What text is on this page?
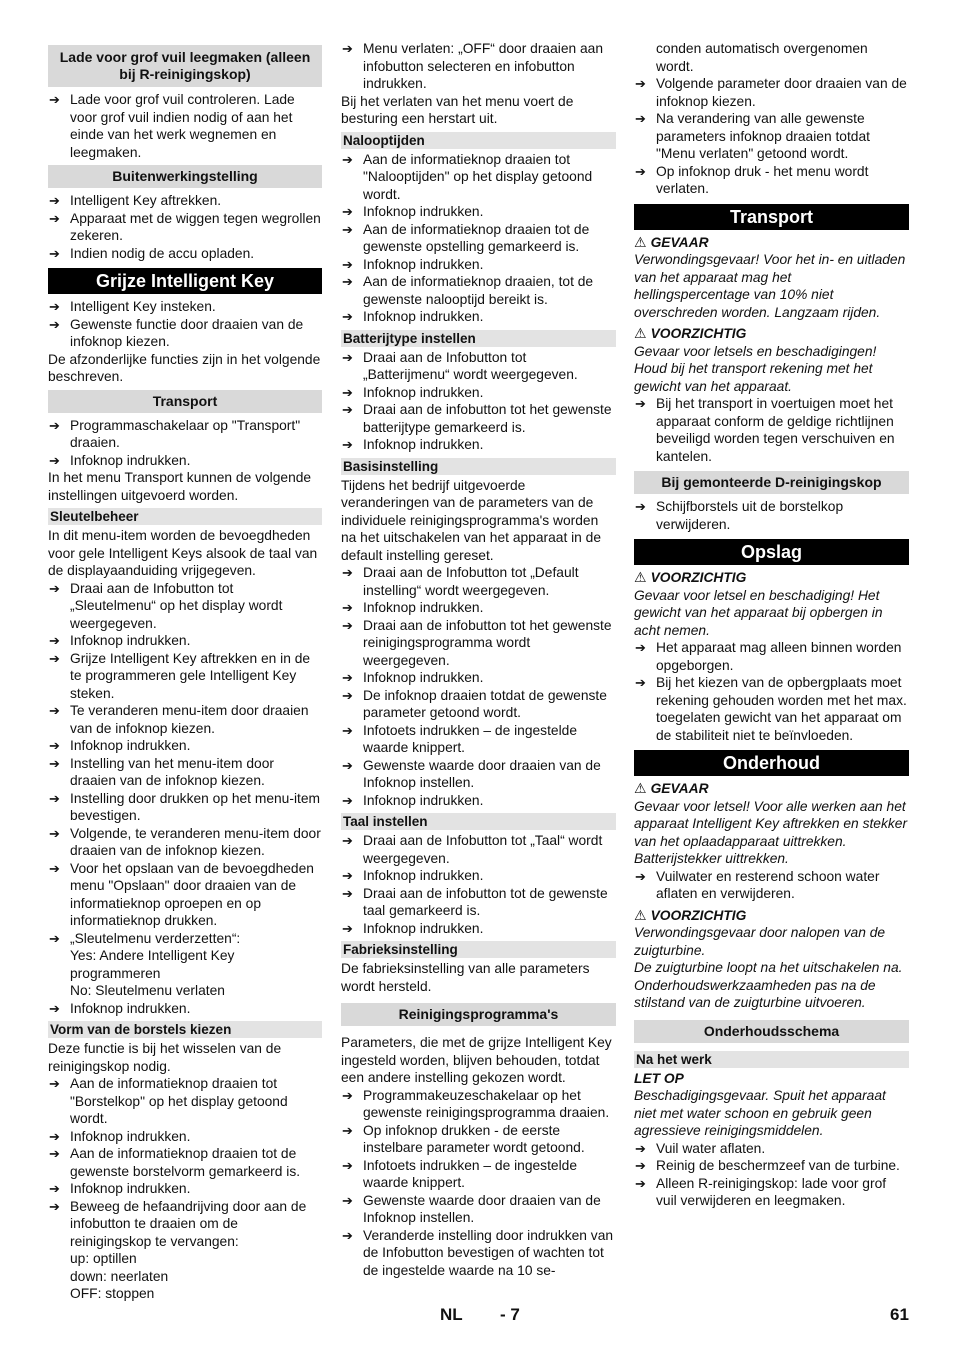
Lade voor grof vuil leegmaken (alleen bij R-reinigingskop)
➔ Lade voor grof vuil controleren. Lade voor grof vuil indien nodig of aan het einde van het werk wegnemen en leegmaken.
Buitenwerkingstelling
➔ Intelligent Key aftrekken.
➔ Apparaat met de wiggen tegen wegrollen zekeren.
➔ Indien nodig de accu opladen.
Grijze Intelligent Key
➔ Intelligent Key insteken.
➔ Gewenste functie door draaien van de infoknop kiezen.

De afzonderlijke functies zijn in het volgende beschreven.

Transport
➔ Programmaschakelaar op "Transport" draaien.
➔ Infoknop indrukken.

In het menu Transport kunnen de volgende instellingen uitgevoerd worden.

Sleutelbeheer

In dit menu-item worden de bevoegdheden voor gele Intelligent Keys alsook de taal van de displayaanduiding vrijgegeven.

➔ Draai aan de Infobutton tot „Sleutelmenu“ op het display wordt weergegeven.
➔ Infoknop indrukken.
➔ Grijze Intelligent Key aftrekken en in de te programmeren gele Intelligent Key steken.
➔ Te veranderen menu-item door draaien van de infoknop kiezen.
➔ Infoknop indrukken.
➔ Instelling van het menu-item door draaien van de infoknop kiezen.
➔ Instelling door drukken op het menu-item bevestigen.
➔ Volgende, te veranderen menu-item door draaien van de infoknop kiezen.
➔ Voor het opslaan van de bevoegdheden menu "Opslaan" door draaien van de informatieknop oproepen en op informatieknop drukken.
➔ „Sleutelmenu verderzetten“:
Yes: Andere Intelligent Key programmeren
No: Sleutelmenu verlaten
➔ Infoknop indrukken.
Vorm van de borstels kiezen

Deze functie is bij het wisselen van de reinigingskop nodig.

➔ Aan de informatieknop draaien tot "Borstelkop" op het display getoond wordt.
➔ Infoknop indrukken.
➔ Aan de informatieknop draaien tot de gewenste borstelvorm gemarkeerd is.
➔ Infoknop indrukken.
➔ Beweeg de hefaandrijving door aan de infobutton te draaien om de reinigingskop te vervangen:
up: optillen
down: neerlaten
OFF: stoppen
➔ Menu verlaten: „OFF“ door draaien aan infobutton selecteren en infobutton indrukken.

Bij het verlaten van het menu voert de besturing een herstart uit.

Nalooptijden
➔ Aan de informatieknop draaien tot "Nalooptijden" op het display getoond wordt.
➔ Infoknop indrukken.
➔ Aan de informatieknop draaien tot de gewenste opstelling gemarkeerd is.
➔ Infoknop indrukken.
➔ Aan de informatieknop draaien, tot de gewenste nalooptijd bereikt is.
➔ Infoknop indrukken.
Batterijtype instellen
➔ Draai aan de Infobutton tot „Batterijmenu“ wordt weergegeven.
➔ Infoknop indrukken.
➔ Draai aan de infobutton tot het gewenste batterijtype gemarkeerd is.
➔ Infoknop indrukken.
Basisinstelling

Tijdens het bedrijf uitgevoerde veranderingen van de parameters van de individuele reinigingsprogramma's worden na het uitschakelen van het apparaat in de default instelling gereset.

➔ Draai aan de Infobutton tot „Default instelling“ wordt weergegeven.
➔ Infoknop indrukken.
➔ Draai aan de infobutton tot het gewenste reinigingsprogramma wordt weergegeven.
➔ Infoknop indrukken.
➔ De infoknop draaien totdat de gewenste parameter getoond wordt.
➔ Infotoets indrukken – de ingestelde waarde knippert.
➔ Gewenste waarde door draaien van de Infoknop instellen.
➔ Infoknop indrukken.
Taal instellen
➔ Draai aan de Infobutton tot „Taal“ wordt weergegeven.
➔ Infoknop indrukken.
➔ Draai aan de infobutton tot de gewenste taal gemarkeerd is.
➔ Infoknop indrukken.
Fabrieksinstelling

De fabrieksinstelling van alle parameters wordt hersteld.

Reinigingsprogramma's

Parameters, die met de grijze Intelligent Key ingesteld worden, blijven behouden, totdat een andere instelling gekozen wordt.

➔ Programmakeuzeschakelaar op het gewenste reinigingsprogramma draaien.
➔ Op infoknop drukken - de eerste instelbare parameter wordt getoond.
➔ Infotoets indrukken – de ingestelde waarde knippert.
➔ Gewenste waarde door draaien van de Infoknop instellen.
➔ Veranderde instelling door indrukken van de Infobutton bevestigen of wachten tot de ingestelde waarde na 10 se-

conden automatisch overgenomen wordt.

➔ Volgende parameter door draaien van de infoknop kiezen.
➔ Na verandering van alle gewenste parameters infoknop draaien totdat "Menu verlaten" getoond wordt.
➔ Op infoknop druk - het menu wordt verlaten.
Transport
⚠ GEVAAR

Verwondingsgevaar! Voor het in- en uitladen van het apparaat mag het hellingspercentage van 10% niet overschreden worden. Langzaam rijden.

⚠ VOORZICHTIG

Gevaar voor letsels en beschadigingen! Houd bij het transport rekening met het gewicht van het apparaat.

➔ Bij het transport in voertuigen moet het apparaat conform de geldige richtlijnen beveiligd worden tegen verschuiven en kantelen.
Bij gemonteerde D-reinigingskop
➔ Schijfborstels uit de borstelkop verwijderen.
Opslag
⚠ VOORZICHTIG

Gevaar voor letsel en beschadiging! Het gewicht van het apparaat bij opbergen in acht nemen.

➔ Het apparaat mag alleen binnen worden opgeborgen.
➔ Bij het kiezen van de opbergplaats moet rekening gehouden worden met het max. toegelaten gewicht van het apparaat om de stabiliteit niet te beïnvloeden.
Onderhoud
⚠ GEVAAR

Gevaar voor letsel! Voor alle werken aan het apparaat Intelligent Key aftrekken en stekker van het oplaadapparaat uittrekken. Batterijstekker uittrekken.

➔ Vuilwater en resterend schoon water aflaten en verwijderen.
⚠ VOORZICHTIG

Verwondingsgevaar door nalopen van de zuigturbine.
De zuigturbine loopt na het uitschakelen na. Onderhoudswerkzaamheden pas na de stilstand van de zuigturbine uitvoeren.

Onderhoudsschema
Na het werk
LET OP

Beschadigingsgevaar. Spuit het apparaat niet met water schoon en gebruik geen agressieve reinigingsmiddelen.

➔ Vuil water aflaten.
➔ Reinig de beschermzeef van de turbine.
➔ Alleen R-reinigingskop: lade voor grof vuil verwijderen en leegmaken.
NL - 7	61
